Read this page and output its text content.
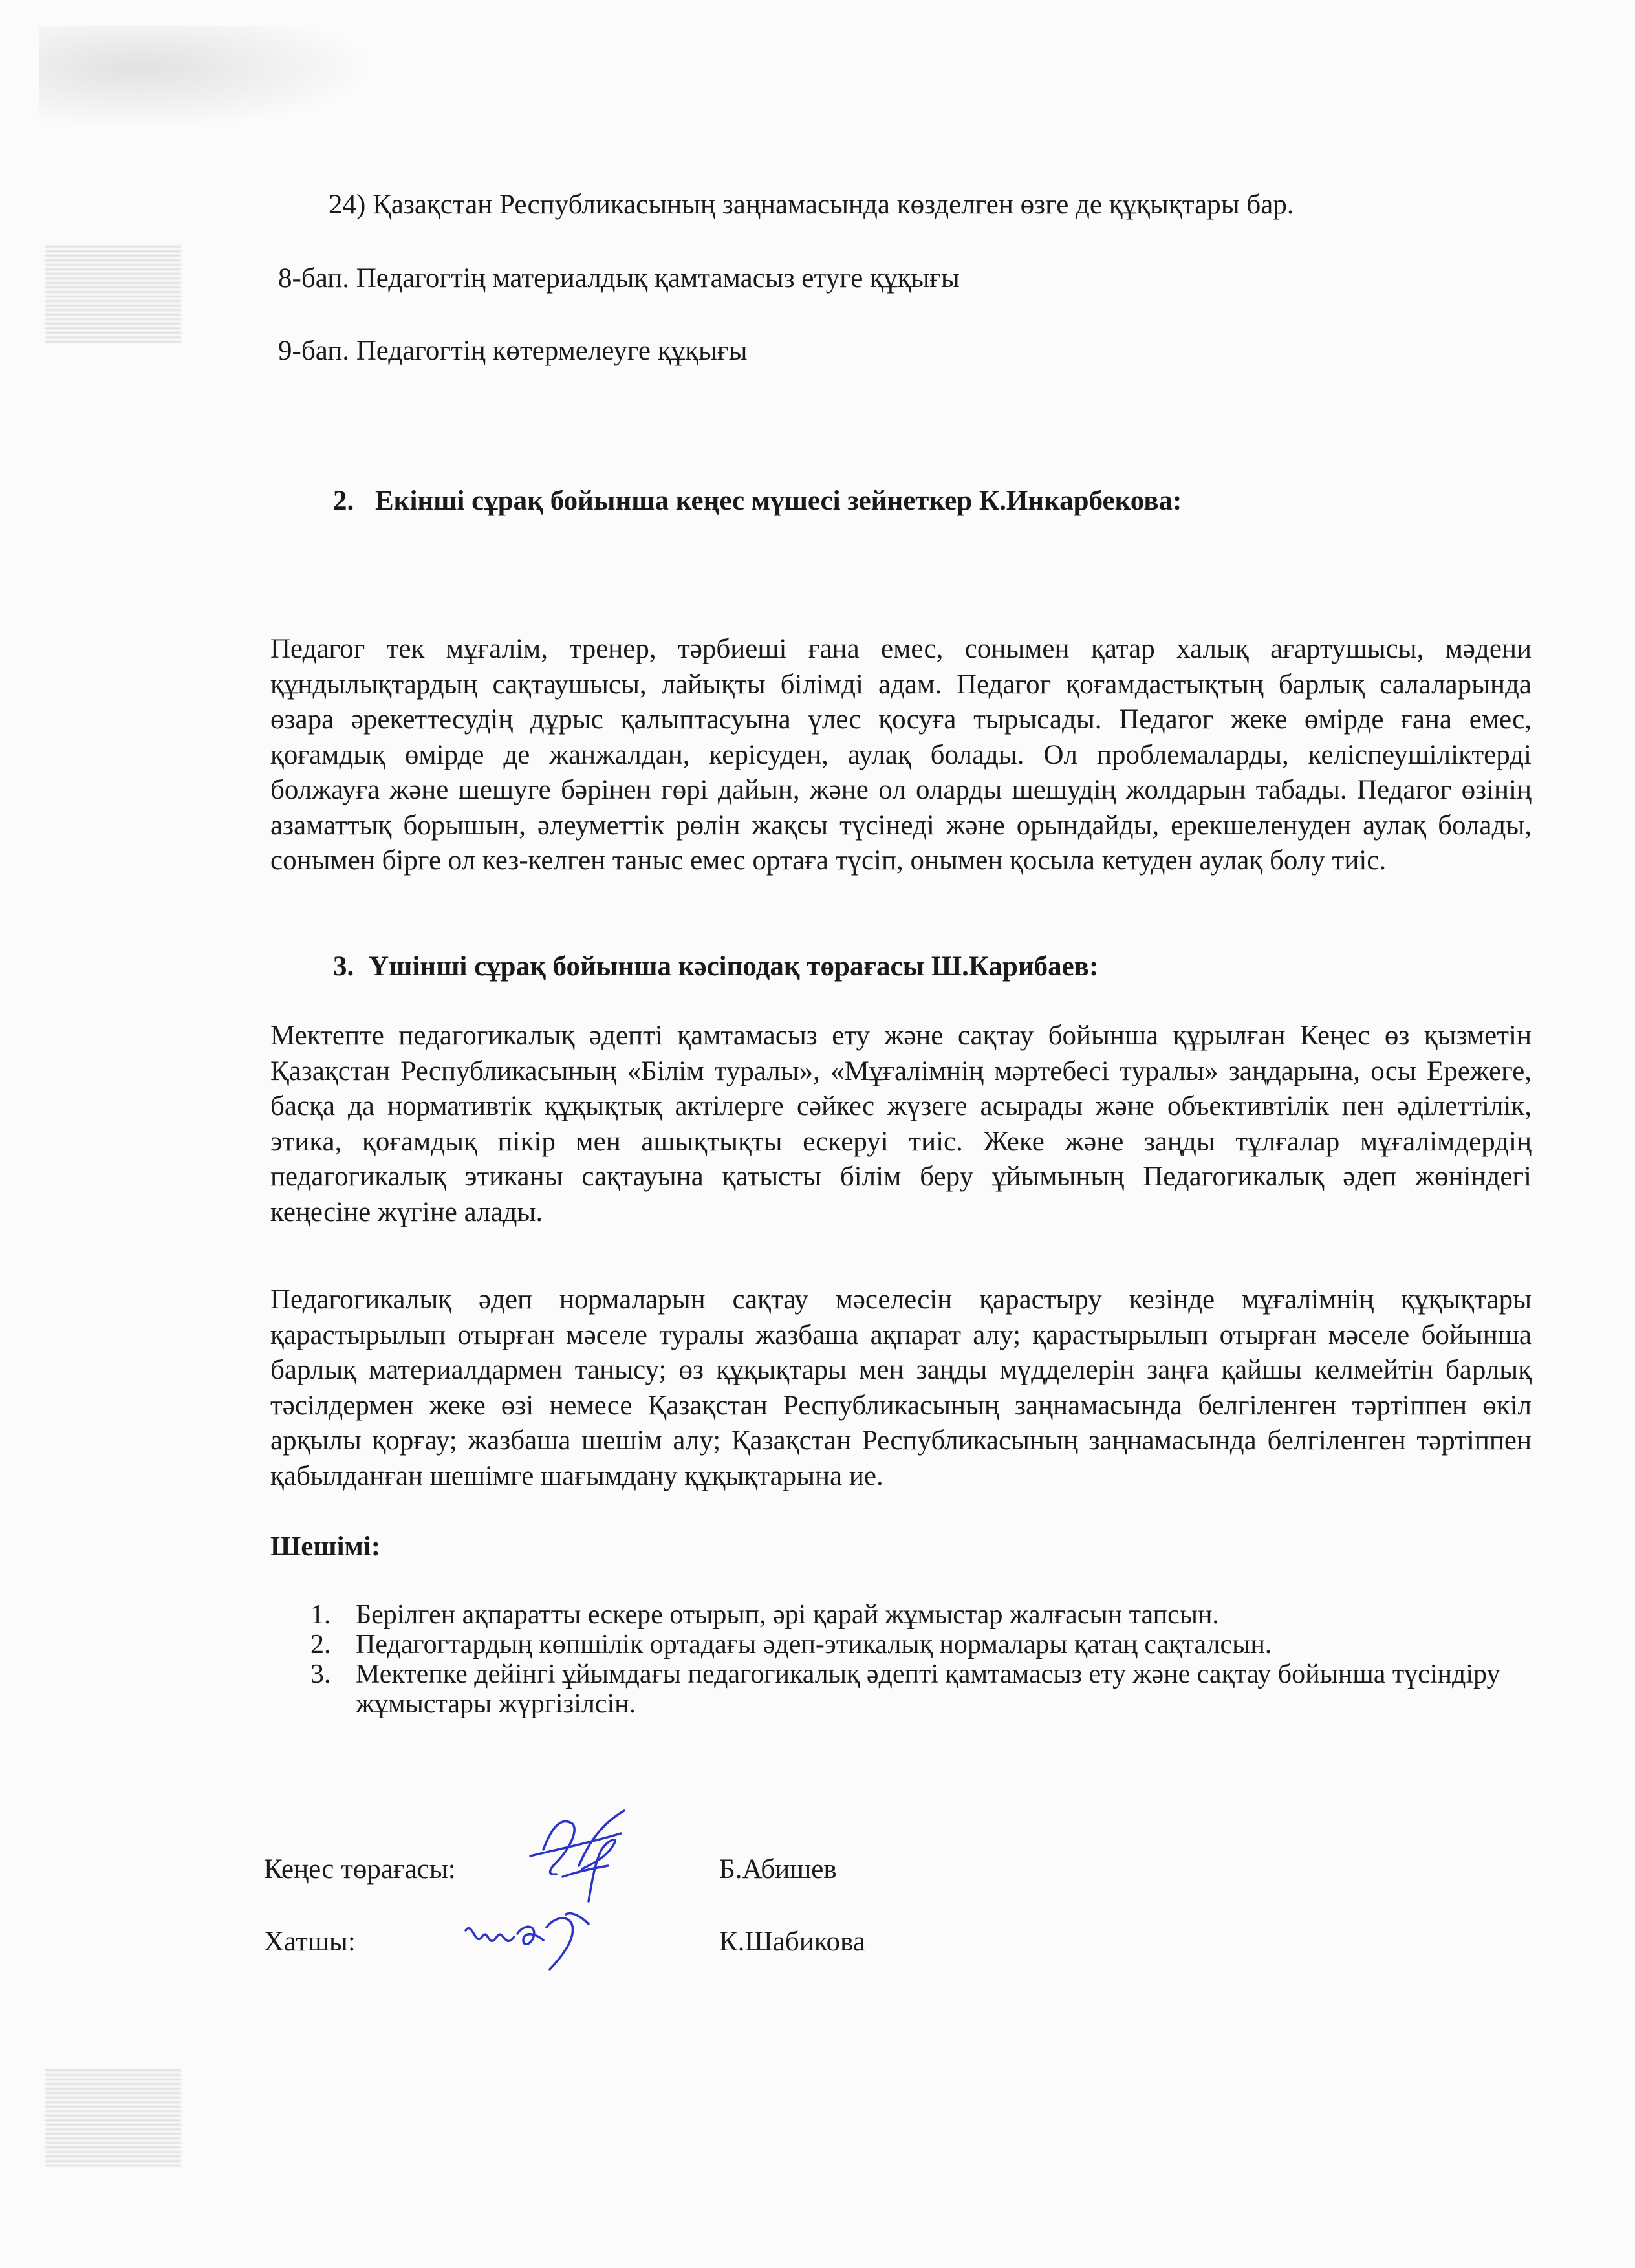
24) Қазақстан Республикасының заңнамасында көзделген өзге де құқықтары бар.
8-бап. Педагогтің материалдық қамтамасыз етуге құқығы
9-бап. Педагогтің көтермелеуге құқығы
2. Екінші сұрақ бойынша кеңес мүшесі зейнеткер К.Инкарбекова:
Педагог тек мұғалім, тренер, тәрбиеші ғана емес, сонымен қатар халық ағартушысы, мәдени құндылықтардың сақтаушысы, лайықты білімді адам. Педагог қоғамдастықтың барлық салаларында өзара әрекеттесудің дұрыс қалыптасуына үлес қосуға тырысады. Педагог жеке өмірде ғана емес, қоғамдық өмірде де жанжалдан, керісуден, аулақ болады. Ол проблемаларды, келіспеушіліктерді болжауға және шешуге бәрінен гөрі дайын, және ол оларды шешудің жолдарын табады. Педагог өзінің азаматтық борышын, әлеуметтік рөлін жақсы түсінеді және орындайды, ерекшеленуден аулақ болады, сонымен бірге ол кез-келген таныс емес ортаға түсіп, онымен қосыла кетуден аулақ болу тиіс.
3. Үшінші сұрақ бойынша кәсіподақ төрағасы Ш.Карибаев:
Мектепте педагогикалық әдепті қамтамасыз ету және сақтау бойынша құрылған Кеңес өз қызметін Қазақстан Республикасының «Білім туралы», «Мұғалімнің мәртебесі туралы» заңдарына, осы Ережеге, басқа да нормативтік құқықтық актілерге сәйкес жүзеге асырады және объективтілік пен әділеттілік, этика, қоғамдық пікір мен ашықтықты ескеруі тиіс. Жеке және заңды тұлғалар мұғалімдердің педагогикалық этиканы сақтауына қатысты білім беру ұйымының Педагогикалық әдеп жөніндегі кеңесіне жүгіне алады.
Педагогикалық әдеп нормаларын сақтау мәселесін қарастыру кезінде мұғалімнің құқықтары қарастырылып отырған мәселе туралы жазбаша ақпарат алу; қарастырылып отырған мәселе бойынша барлық материалдармен танысу; өз құқықтары мен заңды мүдделерін заңға қайшы келмейтін барлық тәсілдермен жеке өзі немесе Қазақстан Республикасының заңнамасында белгіленген тәртіппен өкіл арқылы қорғау; жазбаша шешім алу; Қазақстан Республикасының заңнамасында белгіленген тәртіппен қабылданған шешімге шағымдану құқықтарына ие.
Шешімі:
1. Берілген ақпаратты ескере отырып, әрі қарай жұмыстар жалғасын тапсын.
2. Педагогтардың көпшілік ортадағы әдеп-этикалық нормалары қатаң сақталсын.
3. Мектепке дейінгі ұйымдағы педагогикалық әдепті қамтамасыз ету және сақтау бойынша түсіндіру жұмыстары жүргізілсін.
Кеңес төрағасы:	Б.Абишев
Хатшы:	К.Шабикова
